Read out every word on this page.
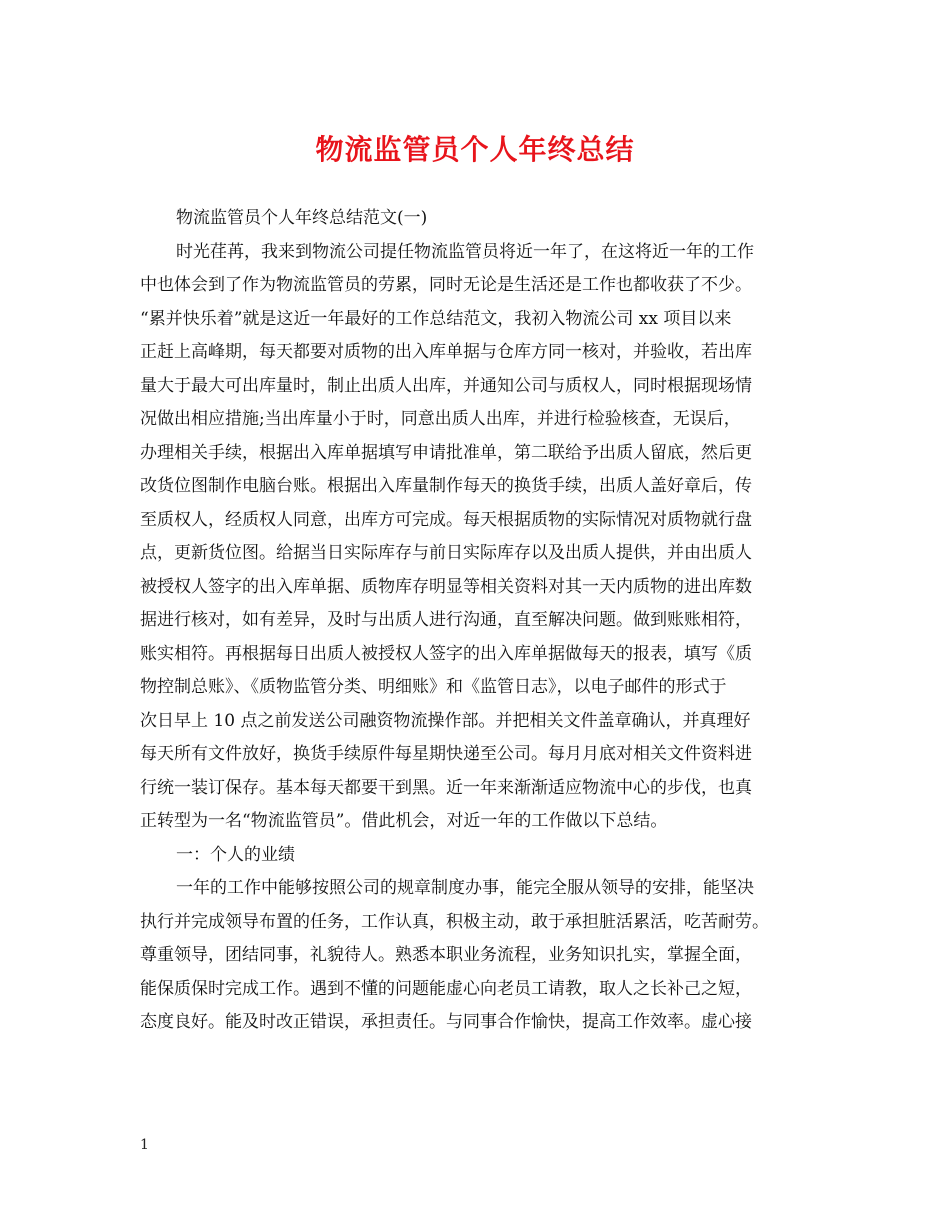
物流监管员个人年终总结
物流监管员个人年终总结范文(一)
时光荏苒，我来到物流公司提任物流监管员将近一年了，在这将近一年的工作
中也体会到了作为物流监管员的劳累，同时无论是生活还是工作也都收获了不少。
“累并快乐着”就是这近一年最好的工作总结范文，我初入物流公司 xx 项目以来
正赶上高峰期，每天都要对质物的出入库单据与仓库方同一核对，并验收，若出库
量大于最大可出库量时，制止出质人出库，并通知公司与质权人，同时根据现场情
况做出相应措施;当出库量小于时，同意出质人出库，并进行检验核查，无误后，
办理相关手续，根据出入库单据填写申请批准单，第二联给予出质人留底，然后更
改货位图制作电脑台账。根据出入库量制作每天的换货手续，出质人盖好章后，传
至质权人，经质权人同意，出库方可完成。每天根据质物的实际情况对质物就行盘
点，更新货位图。给据当日实际库存与前日实际库存以及出质人提供，并由出质人
被授权人签字的出入库单据、质物库存明显等相关资料对其一天内质物的进出库数
据进行核对，如有差异，及时与出质人进行沟通，直至解决问题。做到账账相符，
账实相符。再根据每日出质人被授权人签字的出入库单据做每天的报表，填写《质
物控制总账》、《质物监管分类、明细账》和《监管日志》，以电子邮件的形式于
次日早上 10 点之前发送公司融资物流操作部。并把相关文件盖章确认，并真理好
每天所有文件放好，换货手续原件每星期快递至公司。每月月底对相关文件资料进
行统一装订保存。基本每天都要干到黑。近一年来渐渐适应物流中心的步伐，也真
正转型为一名“物流监管员”。借此机会，对近一年的工作做以下总结。
一：个人的业绩
一年的工作中能够按照公司的规章制度办事，能完全服从领导的安排，能坚决
执行并完成领导布置的任务，工作认真，积极主动，敢于承担脏活累活，吃苦耐劳。
尊重领导，团结同事，礼貌待人。熟悉本职业务流程，业务知识扎实，掌握全面，
能保质保时完成工作。遇到不懂的问题能虚心向老员工请教，取人之长补己之短，
态度良好。能及时改正错误，承担责任。与同事合作愉快，提高工作效率。虚心接
1
